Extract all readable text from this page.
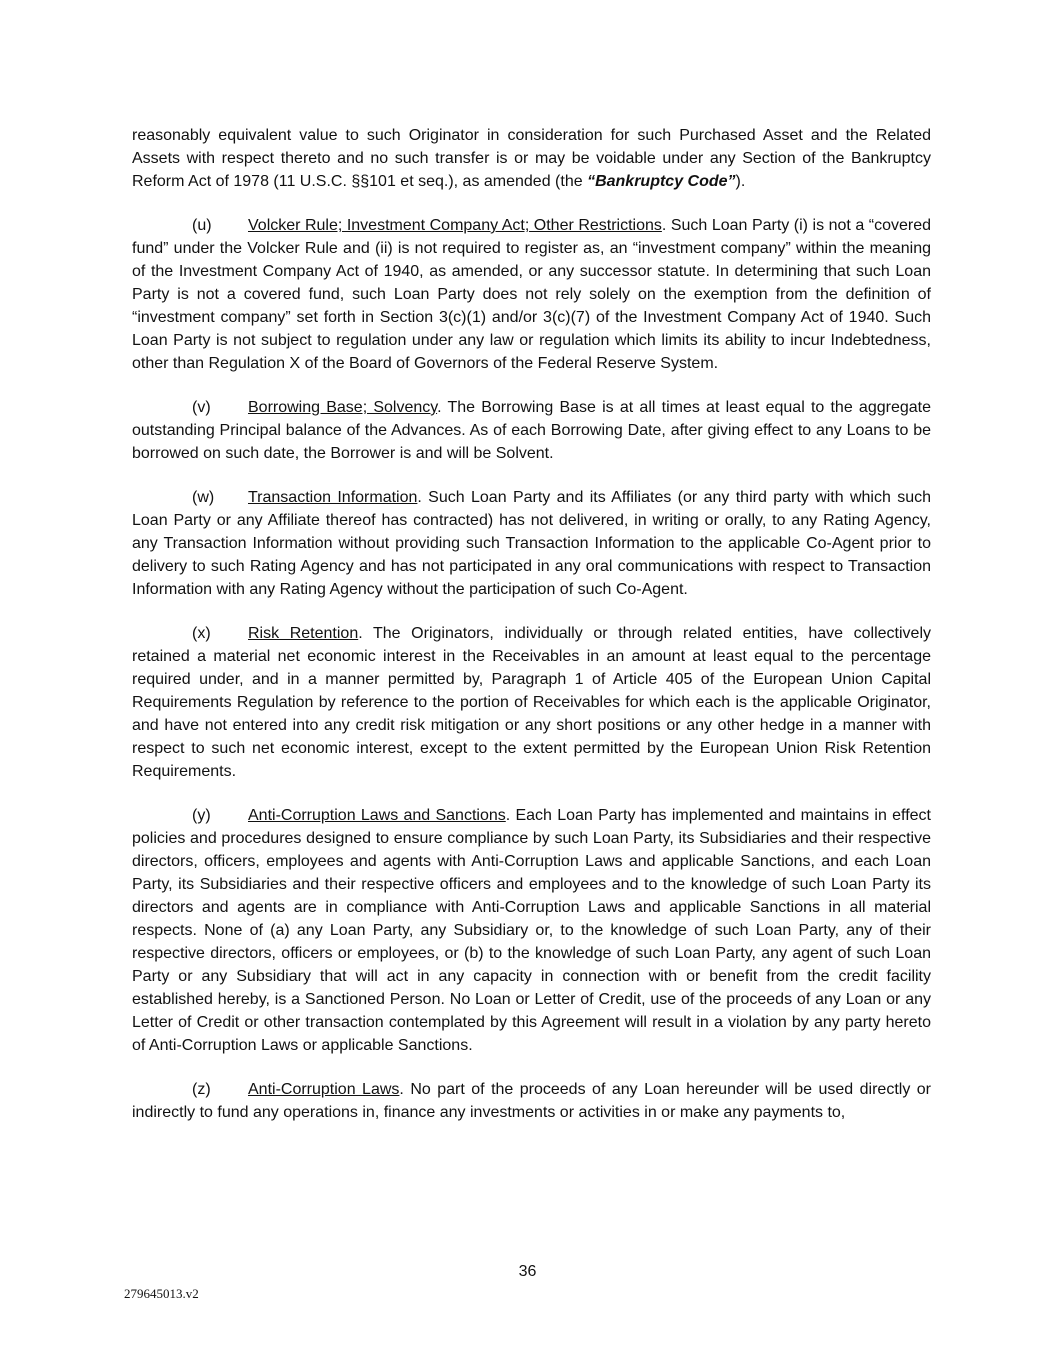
reasonably equivalent value to such Originator in consideration for such Purchased Asset and the Related Assets with respect thereto and no such transfer is or may be voidable under any Section of the Bankruptcy Reform Act of 1978 (11 U.S.C. §§101 et seq.), as amended (the “Bankruptcy Code”).

(u) Volcker Rule; Investment Company Act; Other Restrictions. Such Loan Party (i) is not a “covered fund” under the Volcker Rule and (ii) is not required to register as, an “investment company” within the meaning of the Investment Company Act of 1940, as amended, or any successor statute. In determining that such Loan Party is not a covered fund, such Loan Party does not rely solely on the exemption from the definition of “investment company” set forth in Section 3(c)(1) and/or 3(c)(7) of the Investment Company Act of 1940. Such Loan Party is not subject to regulation under any law or regulation which limits its ability to incur Indebtedness, other than Regulation X of the Board of Governors of the Federal Reserve System.

(v) Borrowing Base; Solvency. The Borrowing Base is at all times at least equal to the aggregate outstanding Principal balance of the Advances. As of each Borrowing Date, after giving effect to any Loans to be borrowed on such date, the Borrower is and will be Solvent.

(w) Transaction Information. Such Loan Party and its Affiliates (or any third party with which such Loan Party or any Affiliate thereof has contracted) has not delivered, in writing or orally, to any Rating Agency, any Transaction Information without providing such Transaction Information to the applicable Co-Agent prior to delivery to such Rating Agency and has not participated in any oral communications with respect to Transaction Information with any Rating Agency without the participation of such Co-Agent.

(x) Risk Retention. The Originators, individually or through related entities, have collectively retained a material net economic interest in the Receivables in an amount at least equal to the percentage required under, and in a manner permitted by, Paragraph 1 of Article 405 of the European Union Capital Requirements Regulation by reference to the portion of Receivables for which each is the applicable Originator, and have not entered into any credit risk mitigation or any short positions or any other hedge in a manner with respect to such net economic interest, except to the extent permitted by the European Union Risk Retention Requirements.

(y) Anti-Corruption Laws and Sanctions. Each Loan Party has implemented and maintains in effect policies and procedures designed to ensure compliance by such Loan Party, its Subsidiaries and their respective directors, officers, employees and agents with Anti-Corruption Laws and applicable Sanctions, and each Loan Party, its Subsidiaries and their respective officers and employees and to the knowledge of such Loan Party its directors and agents are in compliance with Anti-Corruption Laws and applicable Sanctions in all material respects. None of (a) any Loan Party, any Subsidiary or, to the knowledge of such Loan Party, any of their respective directors, officers or employees, or (b) to the knowledge of such Loan Party, any agent of such Loan Party or any Subsidiary that will act in any capacity in connection with or benefit from the credit facility established hereby, is a Sanctioned Person. No Loan or Letter of Credit, use of the proceeds of any Loan or any Letter of Credit or other transaction contemplated by this Agreement will result in a violation by any party hereto of Anti-Corruption Laws or applicable Sanctions.

(z) Anti-Corruption Laws. No part of the proceeds of any Loan hereunder will be used directly or indirectly to fund any operations in, finance any investments or activities in or make any payments to,

36
279645013.v2
